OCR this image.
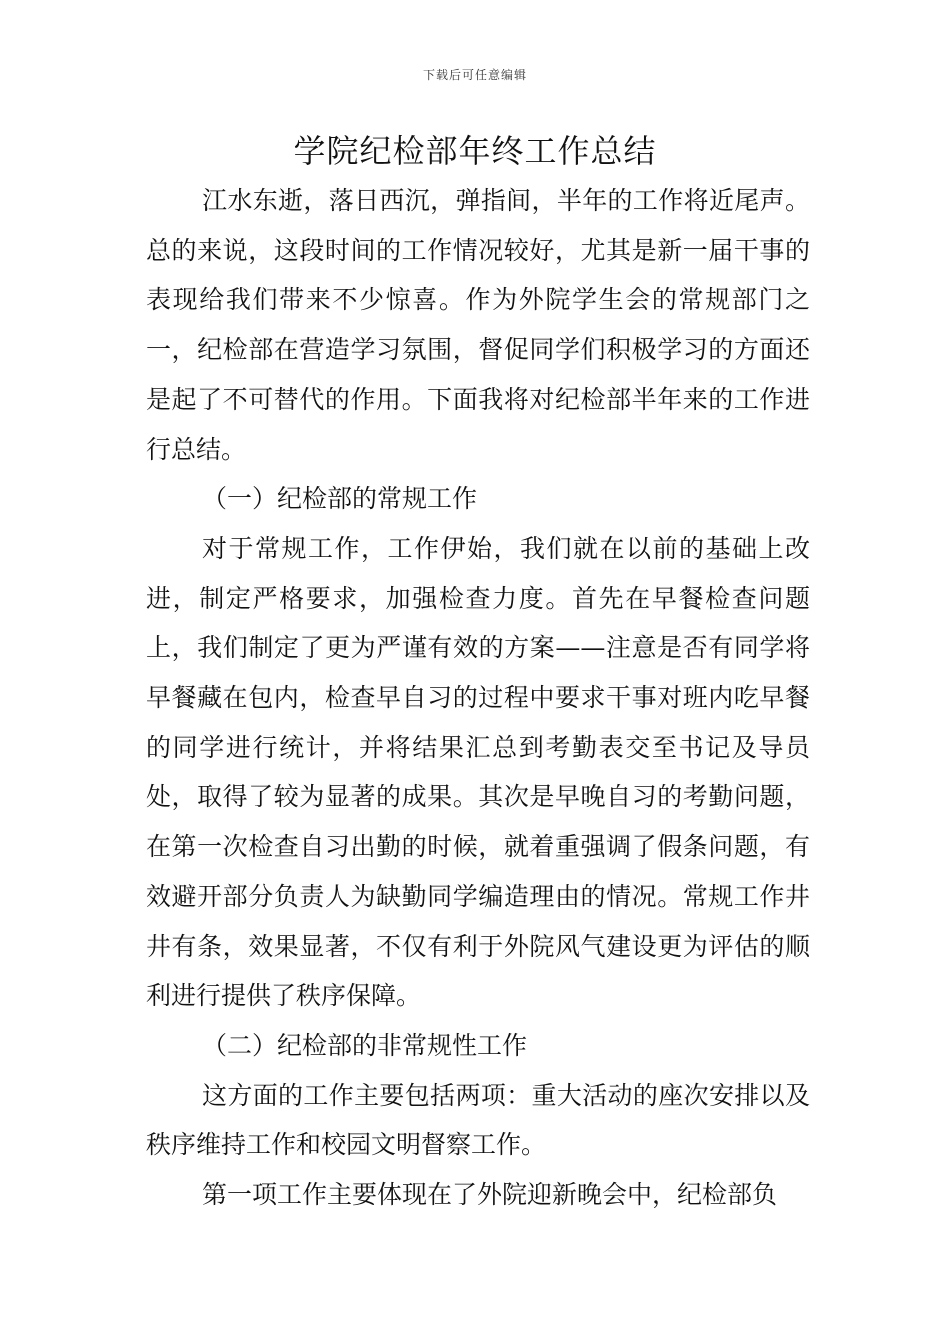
下载后可任意编辑
学院纪检部年终工作总结

江水东逝，落日西沉，弹指间，半年的工作将近尾声。总的来说，这段时间的工作情况较好，尤其是新一届干事的表现给我们带来不少惊喜。作为外院学生会的常规部门之一，纪检部在营造学习氛围，督促同学们积极学习的方面还是起了不可替代的作用。下面我将对纪检部半年来的工作进行总结。

（一）纪检部的常规工作

对于常规工作，工作伊始，我们就在以前的基础上改进，制定严格要求，加强检查力度。首先在早餐检查问题上，我们制定了更为严谨有效的方案——注意是否有同学将早餐藏在包内，检查早自习的过程中要求干事对班内吃早餐的同学进行统计，并将结果汇总到考勤表交至书记及导员处，取得了较为显著的成果。其次是早晚自习的考勤问题，在第一次检查自习出勤的时候，就着重强调了假条问题，有效避开部分负责人为缺勤同学编造理由的情况。常规工作井井有条，效果显著，不仅有利于外院风气建设更为评估的顺利进行提供了秩序保障。

（二）纪检部的非常规性工作

这方面的工作主要包括两项：重大活动的座次安排以及秩序维持工作和校园文明督察工作。

第一项工作主要体现在了外院迎新晚会中，纪检部负
